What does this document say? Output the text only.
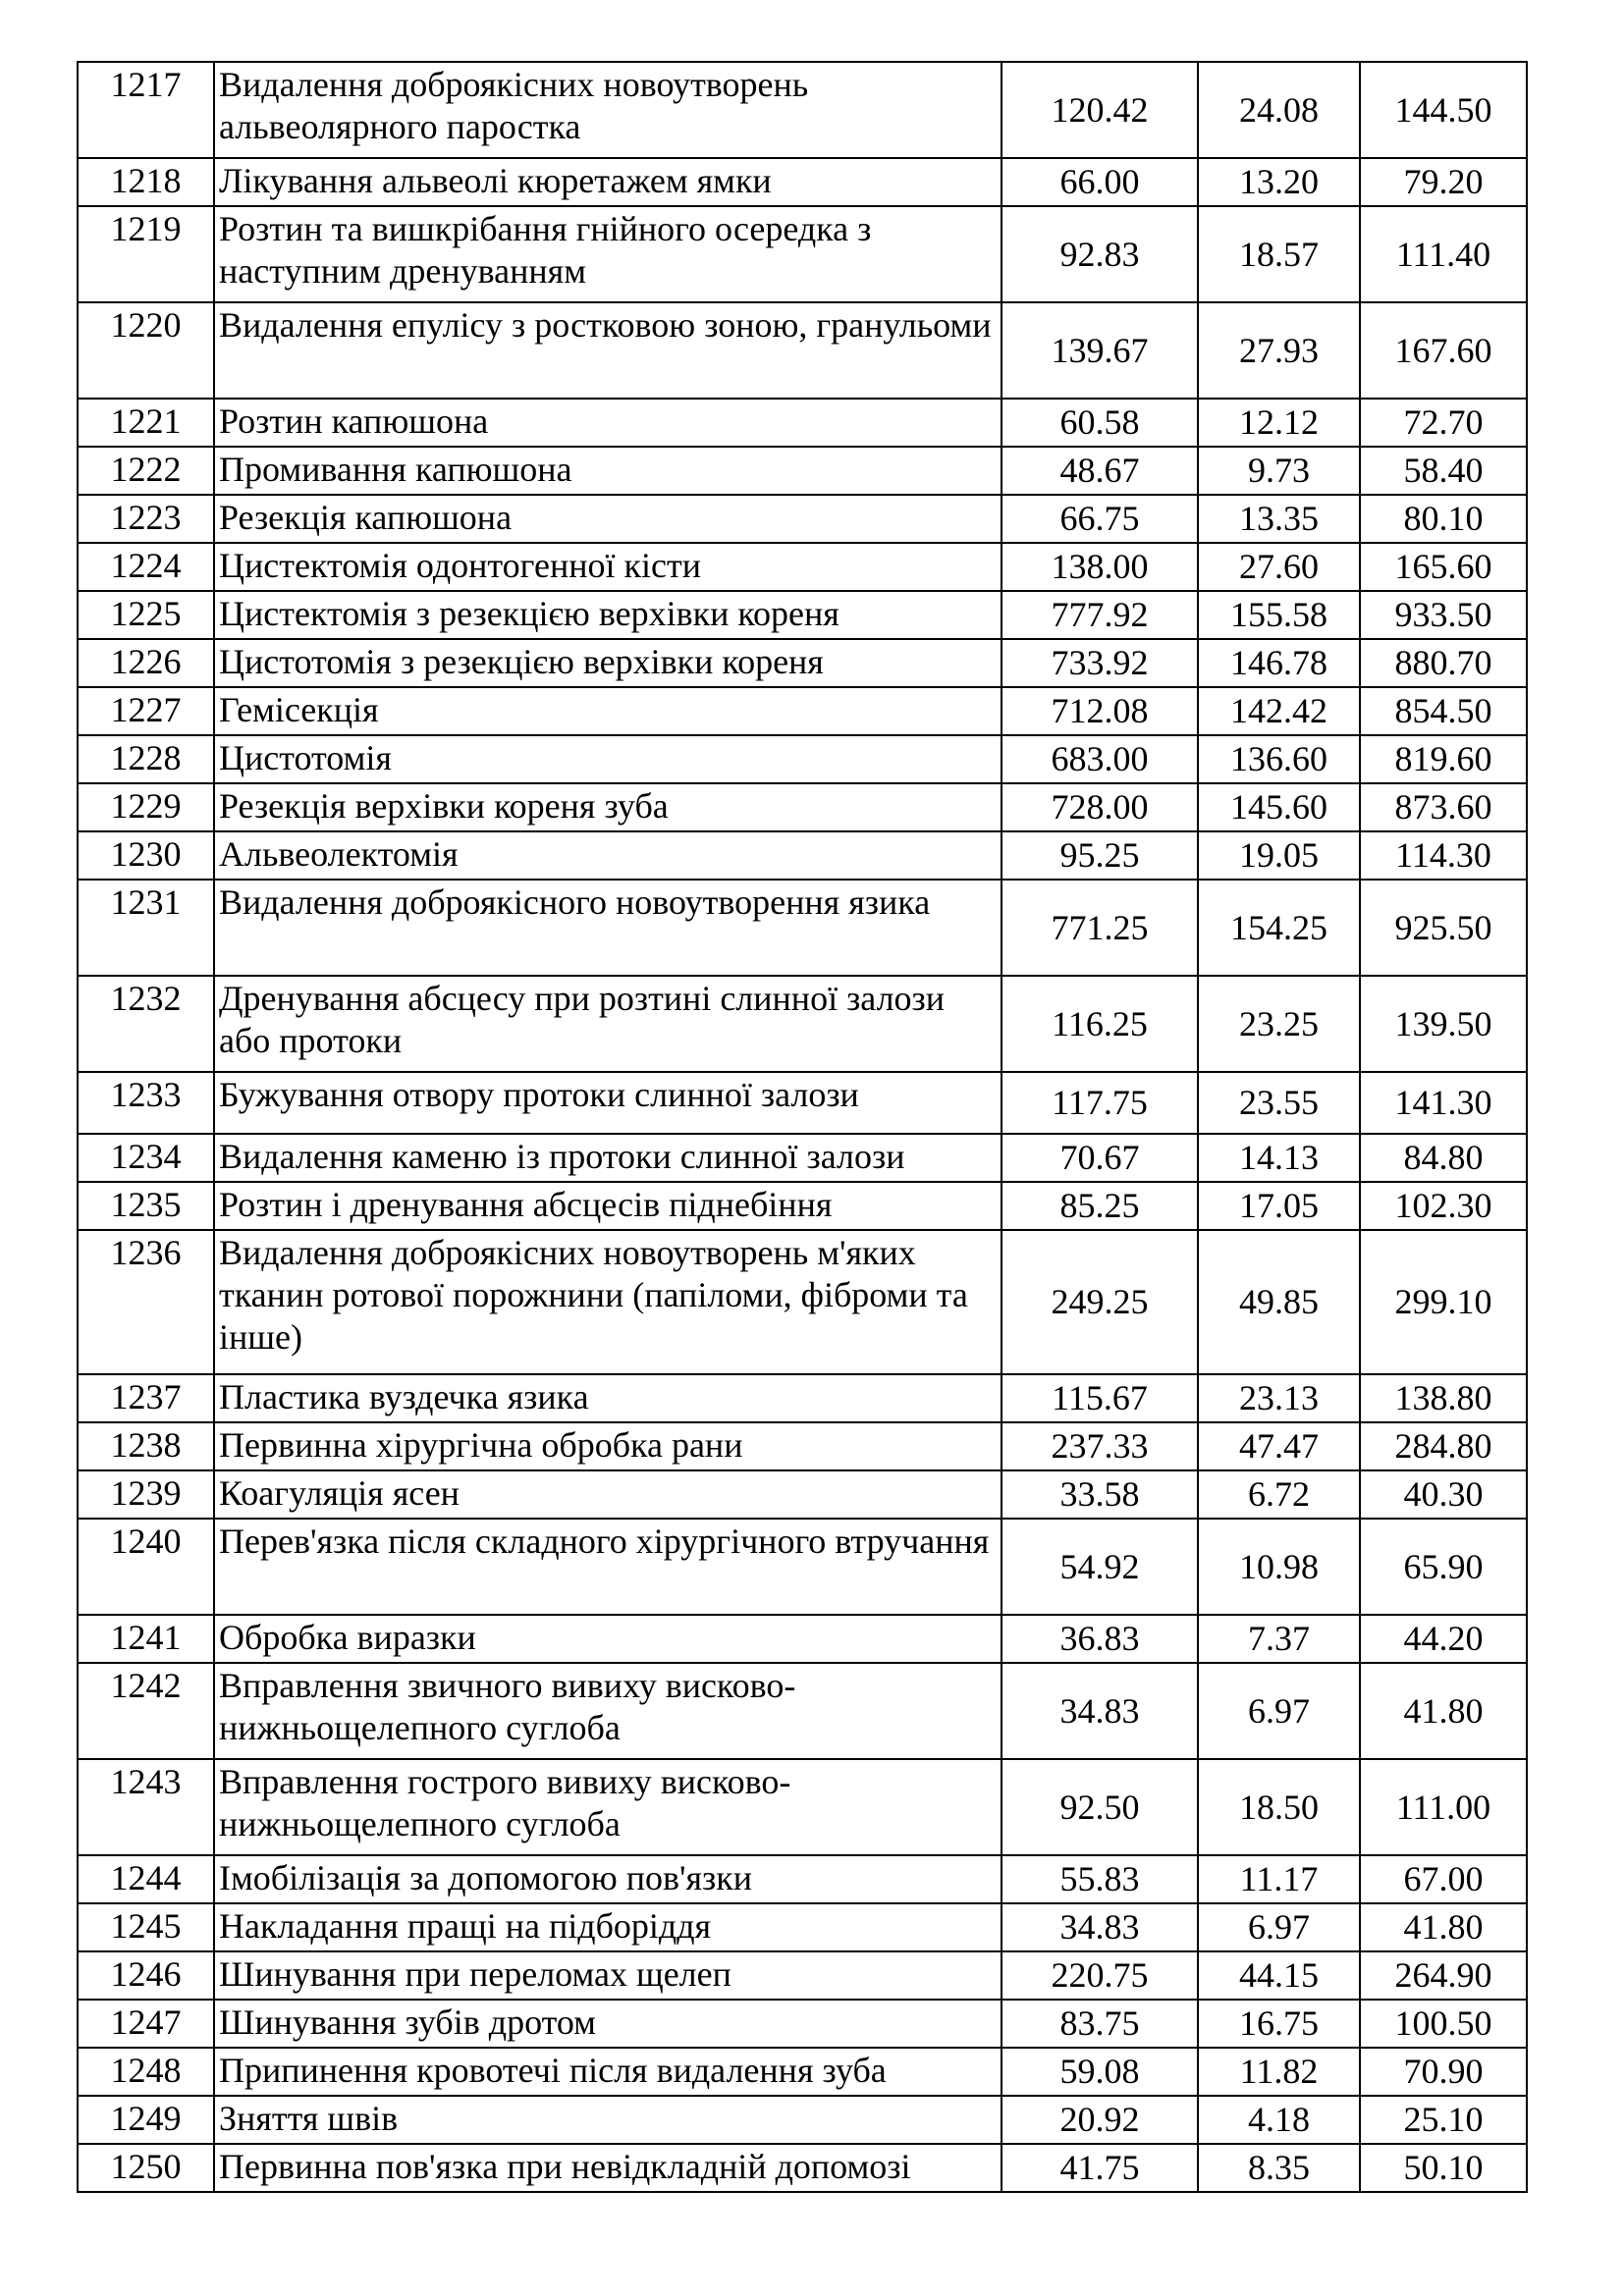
1217	Видалення доброякісних новоутворень альвеолярного паростка	120.42	24.08	144.50
1218	Лікування альвеолі кюретажем ямки	66.00	13.20	79.20
1219	Розтин та вишкрібання гнійного осередка з наступним дренуванням	92.83	18.57	111.40
1220	Видалення епулісу з ростковою зоною, гранульоми	139.67	27.93	167.60
1221	Розтин капюшона	60.58	12.12	72.70
1222	Промивання капюшона	48.67	9.73	58.40
1223	Резекція капюшона	66.75	13.35	80.10
1224	Цистектомія одонтогенної кісти	138.00	27.60	165.60
1225	Цистектомія з резекцією верхівки кореня	777.92	155.58	933.50
1226	Цистотомія з резекцією верхівки кореня	733.92	146.78	880.70
1227	Гемісекція	712.08	142.42	854.50
1228	Цистотомія	683.00	136.60	819.60
1229	Резекція верхівки кореня зуба	728.00	145.60	873.60
1230	Альвеолектомія	95.25	19.05	114.30
1231	Видалення доброякісного новоутворення язика	771.25	154.25	925.50
1232	Дренування абсцесу при розтині слинної залози або протоки	116.25	23.25	139.50
1233	Бужування отвору протоки слинної залози	117.75	23.55	141.30
1234	Видалення каменю із протоки слинної залози	70.67	14.13	84.80
1235	Розтин і дренування абсцесів піднебіння	85.25	17.05	102.30
1236	Видалення доброякісних новоутворень м'яких тканин ротової порожнини (папіломи, фіброми та інше)	249.25	49.85	299.10
1237	Пластика вуздечка язика	115.67	23.13	138.80
1238	Первинна хірургічна обробка рани	237.33	47.47	284.80
1239	Коагуляція ясен	33.58	6.72	40.30
1240	Перев'язка після складного хірургічного втручання	54.92	10.98	65.90
1241	Обробка виразки	36.83	7.37	44.20
1242	Вправлення звичного вивиху висково-нижньощелепного суглоба	34.83	6.97	41.80
1243	Вправлення гострого вивиху висково-нижньощелепного суглоба	92.50	18.50	111.00
1244	Імобілізація за допомогою пов'язки	55.83	11.17	67.00
1245	Накладання пращі на підборіддя	34.83	6.97	41.80
1246	Шинування при переломах щелеп	220.75	44.15	264.90
1247	Шинування зубів дротом	83.75	16.75	100.50
1248	Припинення кровотечі після видалення зуба	59.08	11.82	70.90
1249	Зняття швів	20.92	4.18	25.10
1250	Первинна пов'язка при невідкладній допомозі	41.75	8.35	50.10
